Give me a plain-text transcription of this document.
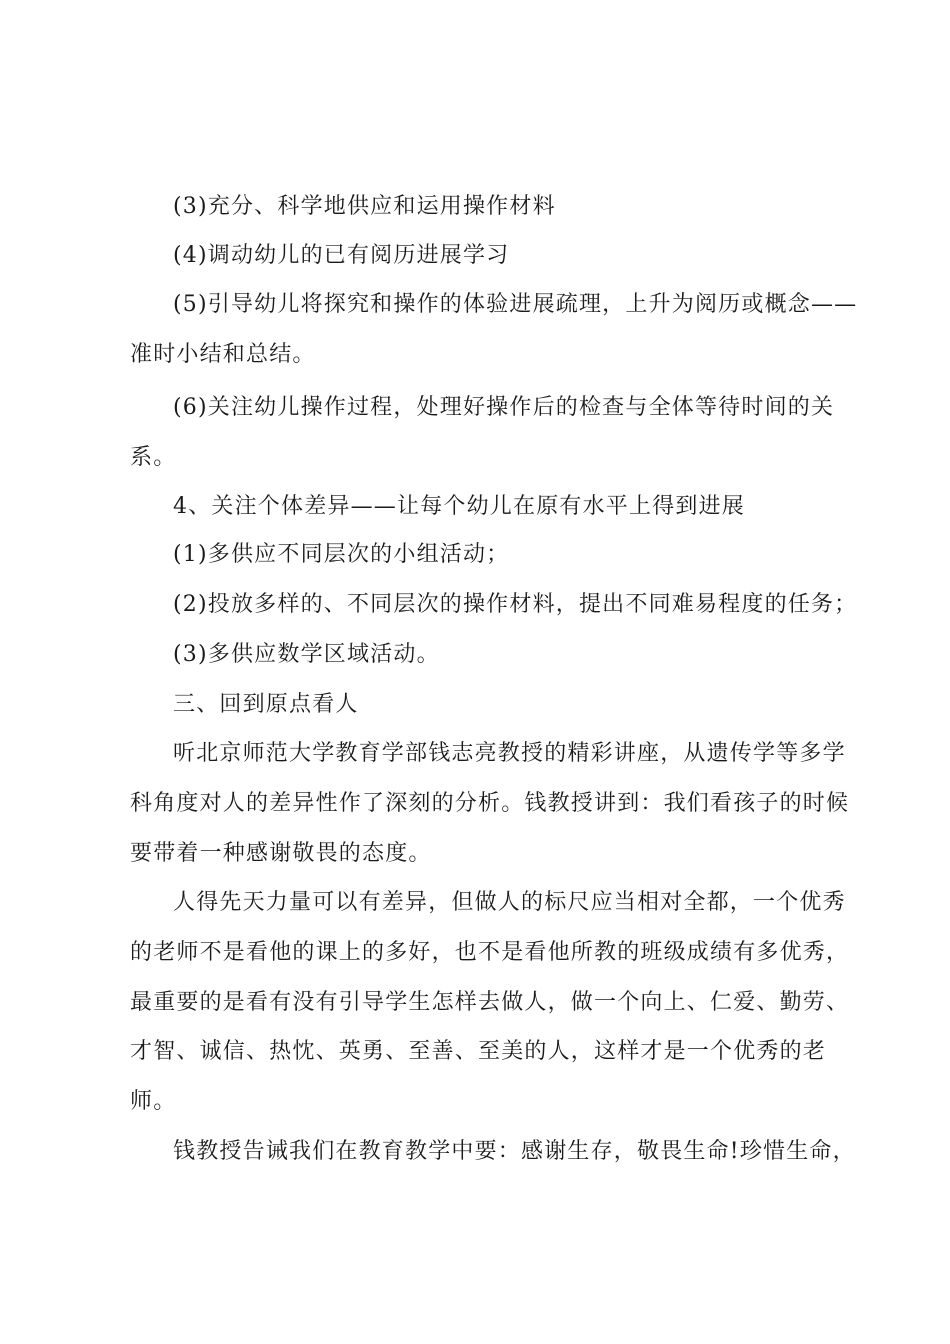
(3)充分、科学地供应和运用操作材料
(4)调动幼儿的已有阅历进展学习
(5)引导幼儿将探究和操作的体验进展疏理，上升为阅历或概念——
准时小结和总结。
(6)关注幼儿操作过程，处理好操作后的检查与全体等待时间的关
系。
4、关注个体差异——让每个幼儿在原有水平上得到进展
(1)多供应不同层次的小组活动；
(2)投放多样的、不同层次的操作材料，提出不同难易程度的任务；
(3)多供应数学区域活动。
三、回到原点看人
听北京师范大学教育学部钱志亮教授的精彩讲座，从遗传学等多学
科角度对人的差异性作了深刻的分析。钱教授讲到：我们看孩子的时候
要带着一种感谢敬畏的态度。
人得先天力量可以有差异，但做人的标尺应当相对全都，一个优秀
的老师不是看他的课上的多好，也不是看他所教的班级成绩有多优秀，
最重要的是看有没有引导学生怎样去做人，做一个向上、仁爱、勤劳、
才智、诚信、热忱、英勇、至善、至美的人，这样才是一个优秀的老
师。
钱教授告诫我们在教育教学中要：感谢生存，敬畏生命!珍惜生命，
